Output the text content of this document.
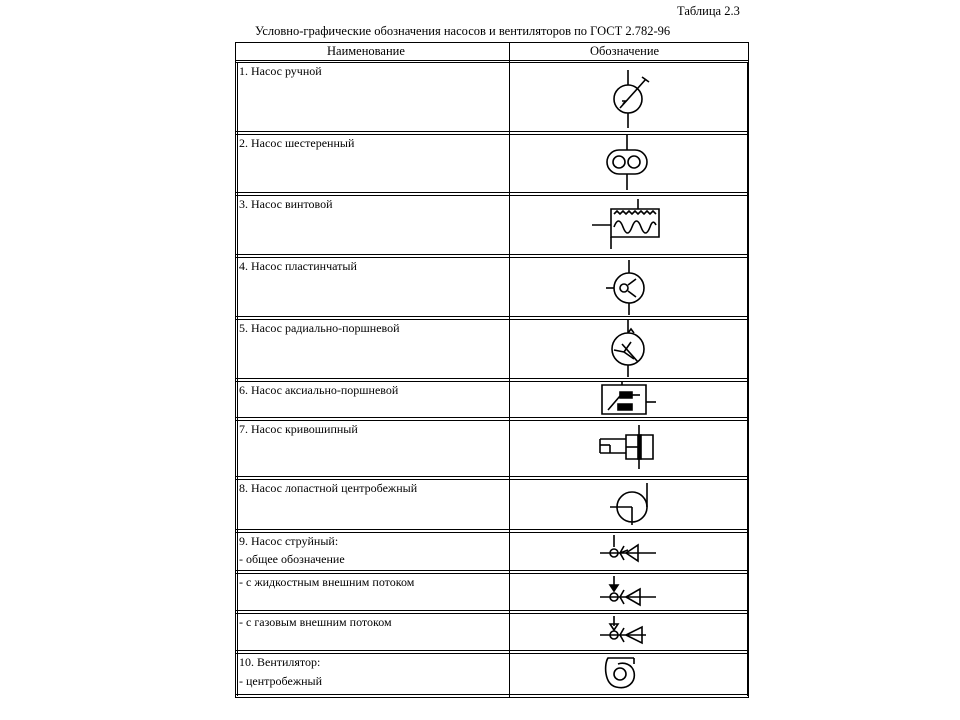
Таблица 2.3
Условно-графические обозначения насосов и вентиляторов по ГОСТ 2.782-96
Наименование	Обозначение
1. Насос ручной
2. Насос шестеренный
3. Насос винтовой
4. Насос пластинчатый
5. Насос радиально-поршневой
6. Насос аксиально-поршневой
7. Насос кривошипный
8. Насос лопастной центробежный
9. Насос струйный:
- общее обозначение
- с жидкостным внешним потоком
- с газовым внешним потоком
10. Вентилятор:
- центробежный
